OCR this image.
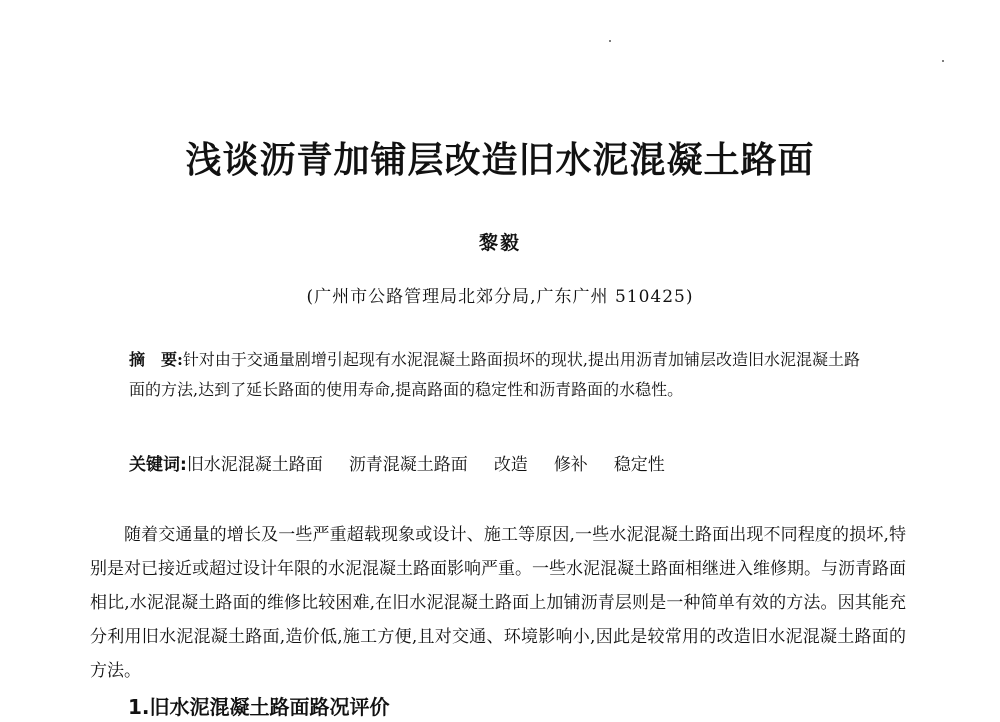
浅谈沥青加铺层改造旧水泥混凝土路面
黎毅
(广州市公路管理局北郊分局,广东广州 510425)

摘　要:针对由于交通量剧增引起现有水泥混凝土路面损坏的现状,提出用沥青加铺层改造旧水泥混凝土路面的方法,达到了延长路面的使用寿命,提高路面的稳定性和沥青路面的水稳性。

关键词:旧水泥混凝土路面 沥青混凝土路面 改造 修补 稳定性

随着交通量的增长及一些严重超载现象或设计、施工等原因,一些水泥混凝土路面出现不同程度的损坏,特别是对已接近或超过设计年限的水泥混凝土路面影响严重。一些水泥混凝土路面相继进入维修期。与沥青路面相比,水泥混凝土路面的维修比较困难,在旧水泥混凝土路面上加铺沥青层则是一种简单有效的方法。因其能充分利用旧水泥混凝土路面,造价低,施工方便,且对交通、环境影响小,因此是较常用的改造旧水泥混凝土路面的方法。

1.旧水泥混凝土路面路况评价
